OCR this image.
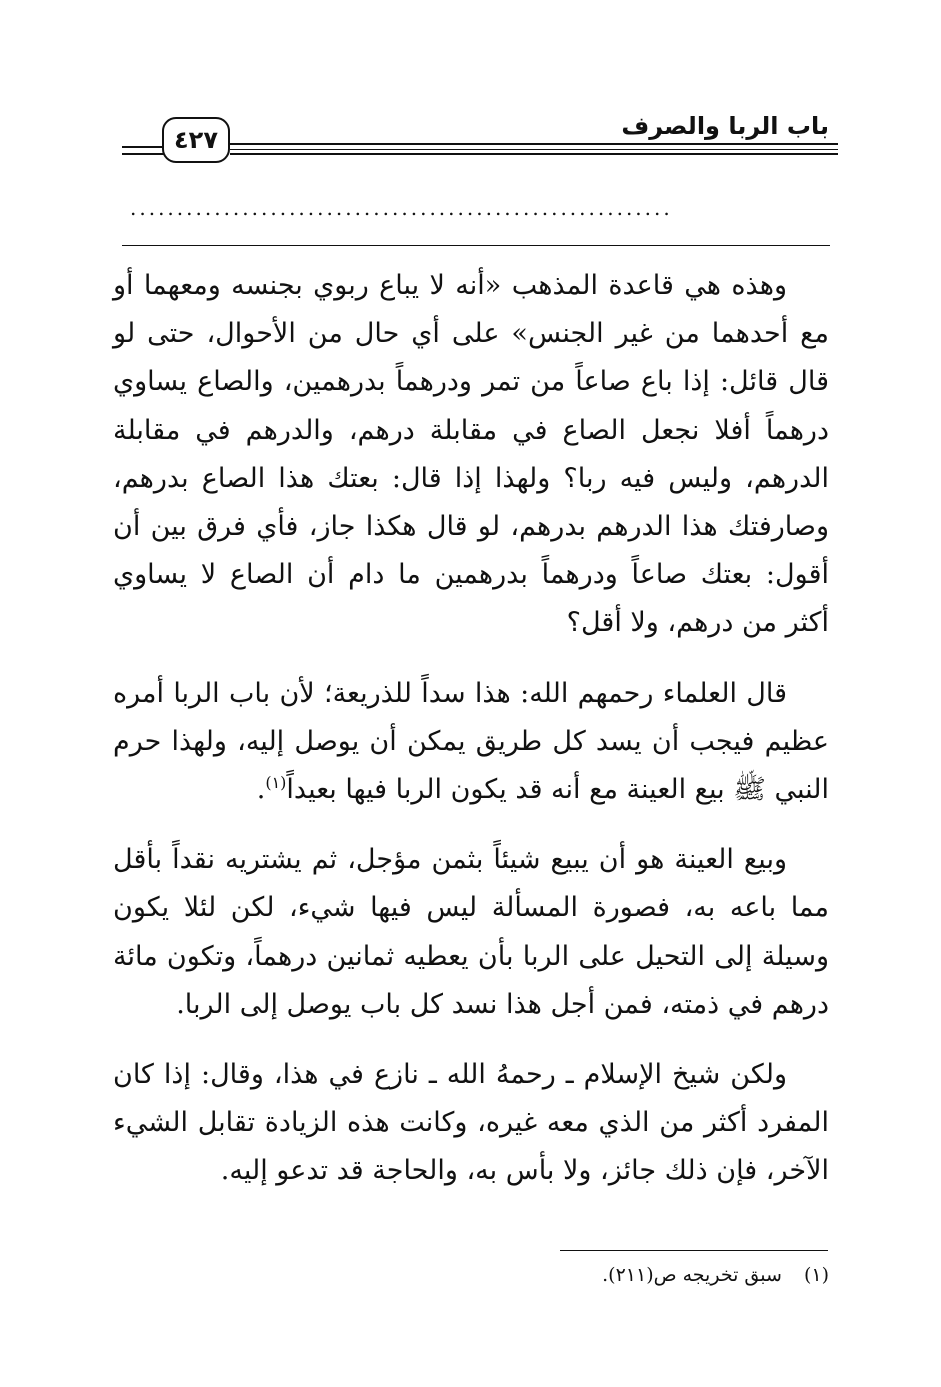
باب الربا والصرف
٤٢٧
..........................................................

وهذه هي قاعدة المذهب «أنه لا يباع ربوي بجنسه ومعهما أو مع أحدهما من غير الجنس» على أي حال من الأحوال، حتى لو قال قائل: إذا باع صاعاً من تمر ودرهماً بدرهمين، والصاع يساوي درهماً أفلا نجعل الصاع في مقابلة درهم، والدرهم في مقابلة الدرهم، وليس فيه ربا؟ ولهذا إذا قال: بعتك هذا الصاع بدرهم، وصارفتك هذا الدرهم بدرهم، لو قال هكذا جاز، فأي فرق بين أن أقول: بعتك صاعاً ودرهماً بدرهمين ما دام أن الصاع لا يساوي أكثر من درهم، ولا أقل؟

قال العلماء رحمهم الله: هذا سداً للذريعة؛ لأن باب الربا أمره عظيم فيجب أن يسد كل طريق يمكن أن يوصل إليه، ولهذا حرم النبي ﷺ بيع العينة مع أنه قد يكون الربا فيها بعيداً$^{(١)}$.

وبيع العينة هو أن يبيع شيئاً بثمن مؤجل، ثم يشتريه نقداً بأقل مما باعه به، فصورة المسألة ليس فيها شيء، لكن لئلا يكون وسيلة إلى التحيل على الربا بأن يعطيه ثمانين درهماً، وتكون مائة درهم في ذمته، فمن أجل هذا نسد كل باب يوصل إلى الربا.

ولكن شيخ الإسلام ـ رحمهُ الله ـ نازع في هذا، وقال: إذا كان المفرد أكثر من الذي معه غيره، وكانت هذه الزيادة تقابل الشيء الآخر، فإن ذلك جائز، ولا بأس به، والحاجة قد تدعو إليه.

(١)سبق تخريجه ص(٢١١).
